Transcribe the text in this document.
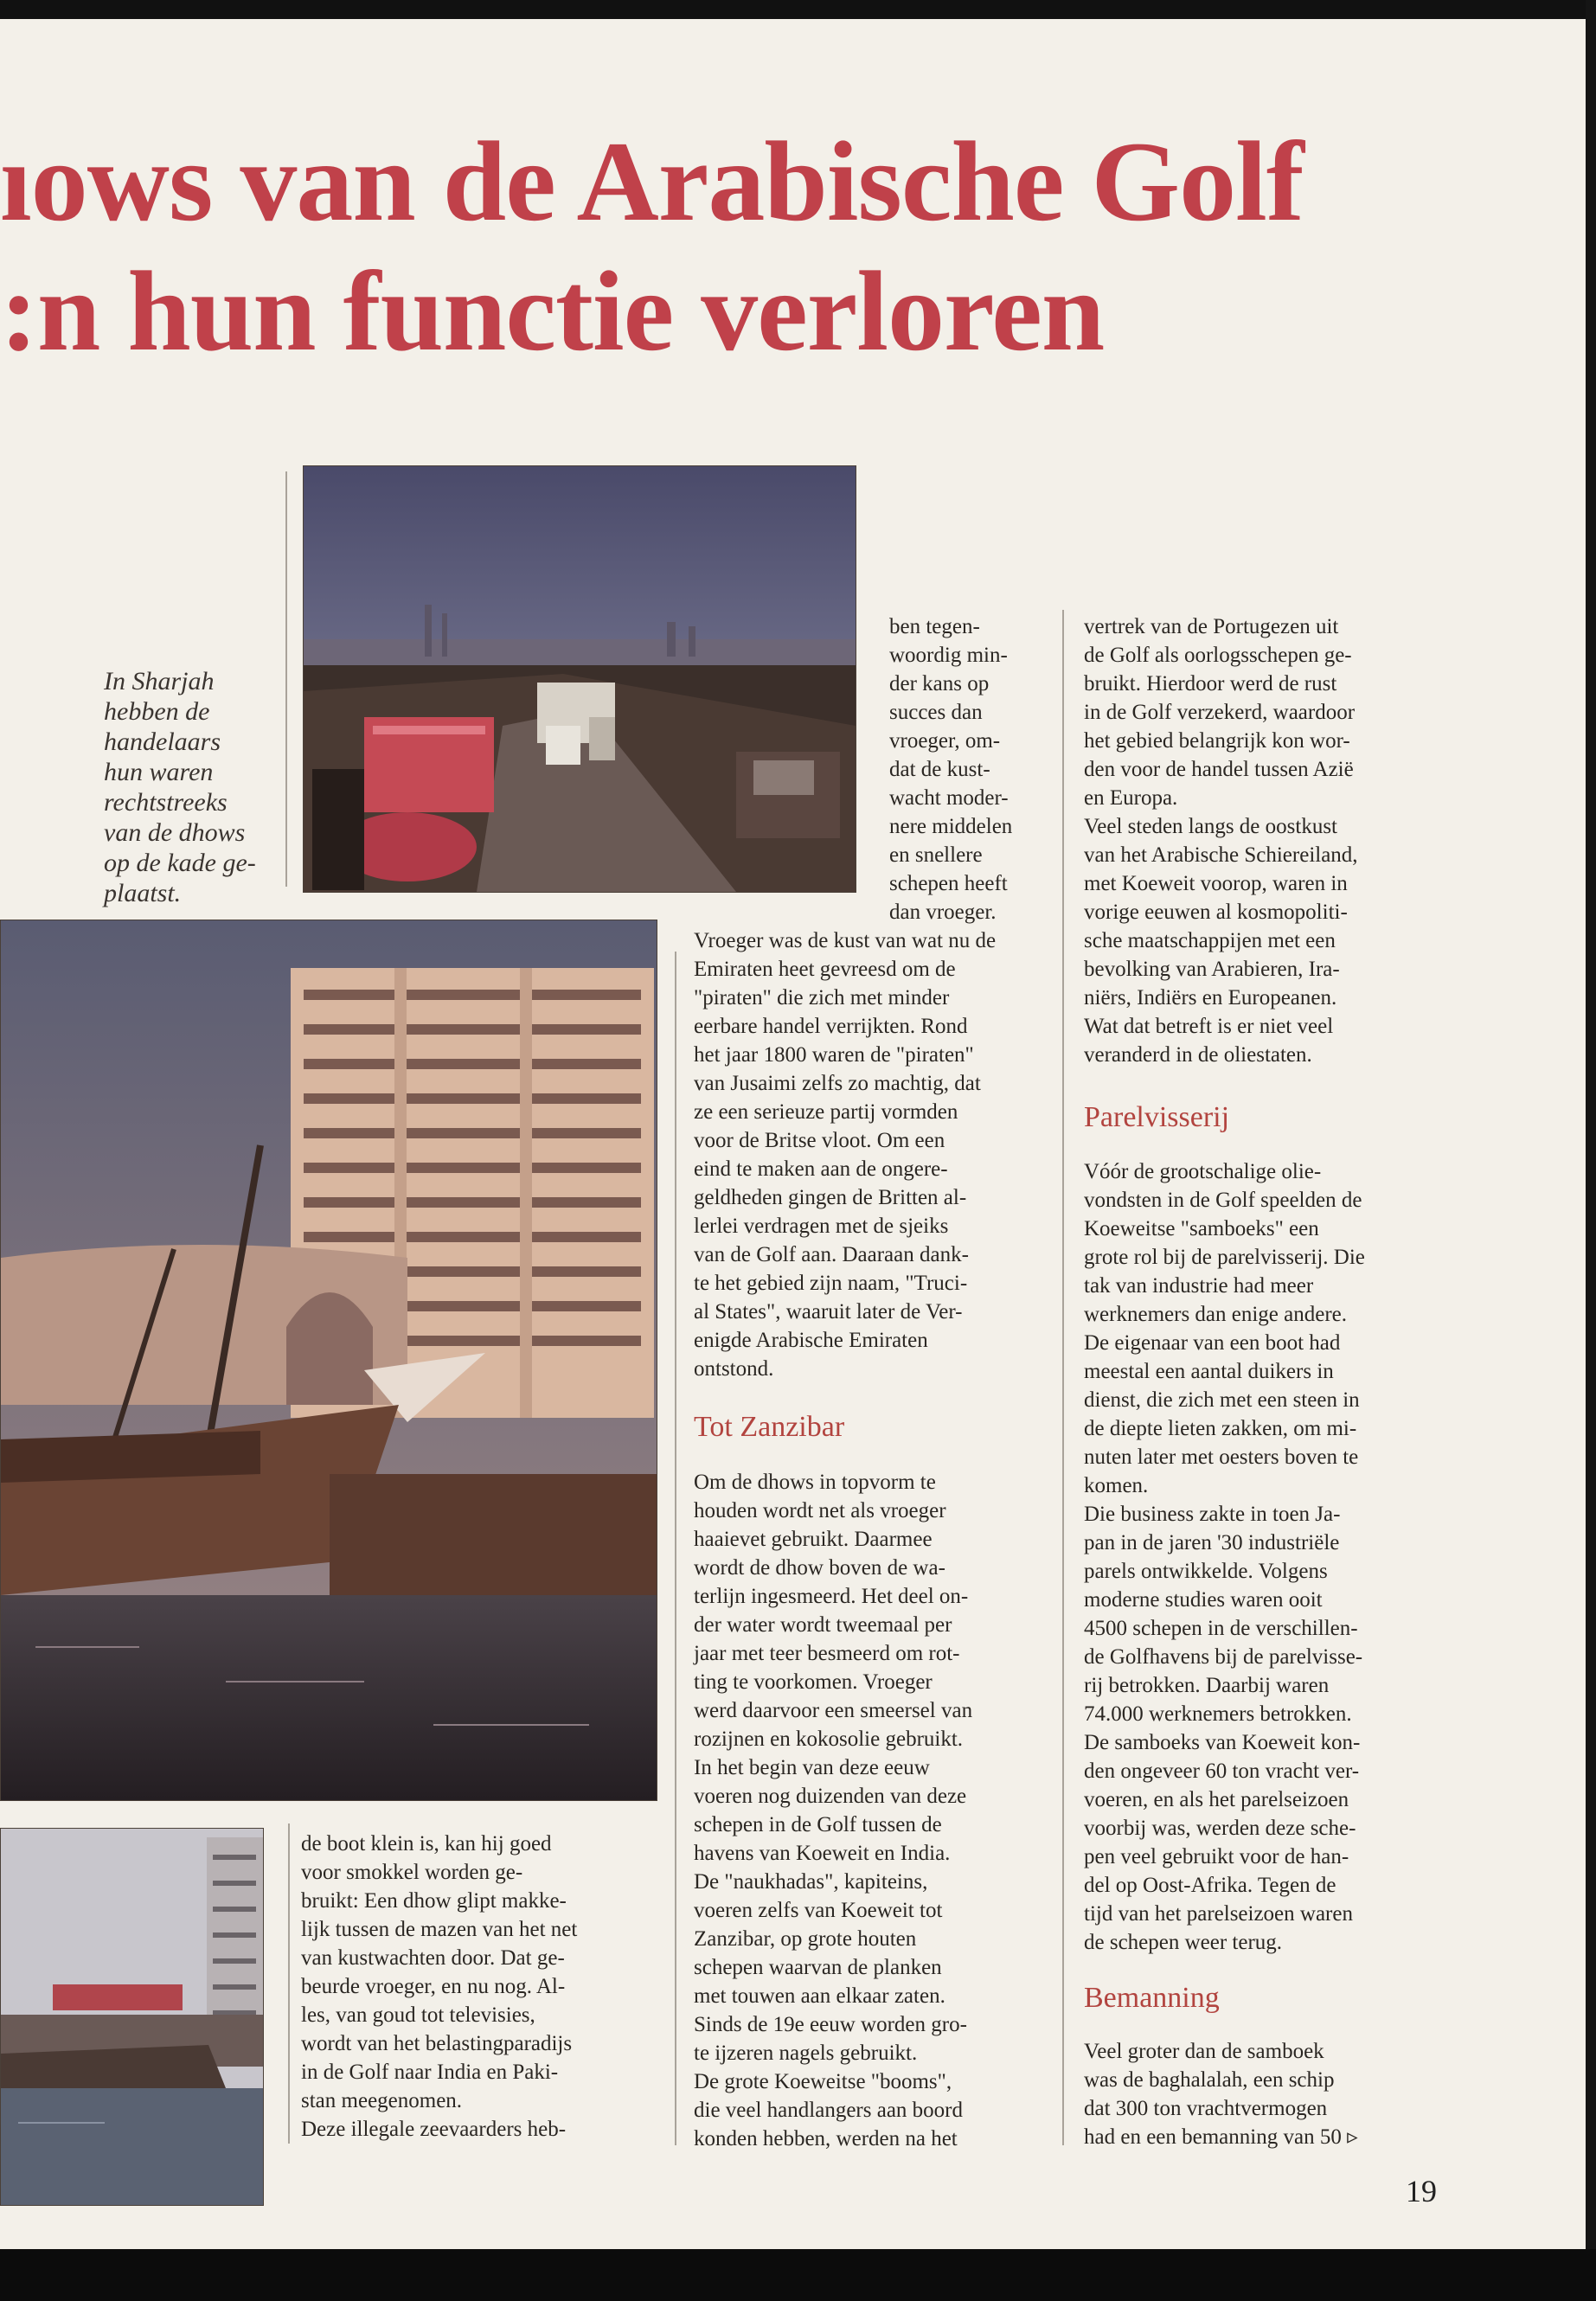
ıows van de Arabische Golf
:n hun functie verloren
In Sharjah
hebben de
handelaars
hun waren
rechtstreeks
van de dhows
op de kade ge-
plaatst.
ben tegen-
woordig min-
der kans op
succes dan
vroeger, om-
dat de kust-
wacht moder-
nere middelen
en snellere
schepen heeft
dan vroeger.
Vroeger was de kust van wat nu de
Emiraten heet gevreesd om de
"piraten" die zich met minder
eerbare handel verrijkten. Rond
het jaar 1800 waren de "piraten"
van Jusaimi zelfs zo machtig, dat
ze een serieuze partij vormden
voor de Britse vloot. Om een
eind te maken aan de ongere-
geldheden gingen de Britten al-
lerlei verdragen met de sjeiks
van de Golf aan. Daaraan dank-
te het gebied zijn naam, "Truci-
al States", waaruit later de Ver-
enigde Arabische Emiraten
ontstond.
Tot Zanzibar
Om de dhows in topvorm te
houden wordt net als vroeger
haaievet gebruikt. Daarmee
wordt de dhow boven de wa-
terlijn ingesmeerd. Het deel on-
der water wordt tweemaal per
jaar met teer besmeerd om rot-
ting te voorkomen. Vroeger
werd daarvoor een smeersel van
rozijnen en kokosolie gebruikt.
In het begin van deze eeuw
voeren nog duizenden van deze
schepen in de Golf tussen de
havens van Koeweit en India.
De "naukhadas", kapiteins,
voeren zelfs van Koeweit tot
Zanzibar, op grote houten
schepen waarvan de planken
met touwen aan elkaar zaten.
Sinds de 19e eeuw worden gro-
te ijzeren nagels gebruikt.
De grote Koeweitse "booms",
die veel handlangers aan boord
konden hebben, werden na het
de boot klein is, kan hij goed
voor smokkel worden ge-
bruikt: Een dhow glipt makke-
lijk tussen de mazen van het net
van kustwachten door. Dat ge-
beurde vroeger, en nu nog. Al-
les, van goud tot televisies,
wordt van het belastingparadijs
in de Golf naar India en Paki-
stan meegenomen.
Deze illegale zeevaarders heb-
vertrek van de Portugezen uit
de Golf als oorlogsschepen ge-
bruikt. Hierdoor werd de rust
in de Golf verzekerd, waardoor
het gebied belangrijk kon wor-
den voor de handel tussen Azië
en Europa.
Veel steden langs de oostkust
van het Arabische Schiereiland,
met Koeweit voorop, waren in
vorige eeuwen al kosmopoliti-
sche maatschappijen met een
bevolking van Arabieren, Ira-
niërs, Indiërs en Europeanen.
Wat dat betreft is er niet veel
veranderd in de oliestaten.
Parelvisserij
Vóór de grootschalige olie-
vondsten in de Golf speelden de
Koeweitse "samboeks" een
grote rol bij de parelvisserij. Die
tak van industrie had meer
werknemers dan enige andere.
De eigenaar van een boot had
meestal een aantal duikers in
dienst, die zich met een steen in
de diepte lieten zakken, om mi-
nuten later met oesters boven te
komen.
Die business zakte in toen Ja-
pan in de jaren '30 industriële
parels ontwikkelde. Volgens
moderne studies waren ooit
4500 schepen in de verschillen-
de Golfhavens bij de parelvisse-
rij betrokken. Daarbij waren
74.000 werknemers betrokken.
De samboeks van Koeweit kon-
den ongeveer 60 ton vracht ver-
voeren, en als het parelseizoen
voorbij was, werden deze sche-
pen veel gebruikt voor de han-
del op Oost-Afrika. Tegen de
tijd van het parelseizoen waren
de schepen weer terug.
Bemanning
Veel groter dan de samboek
was de baghalalah, een schip
dat 300 ton vrachtvermogen
had en een bemanning van 50 ▹
19
